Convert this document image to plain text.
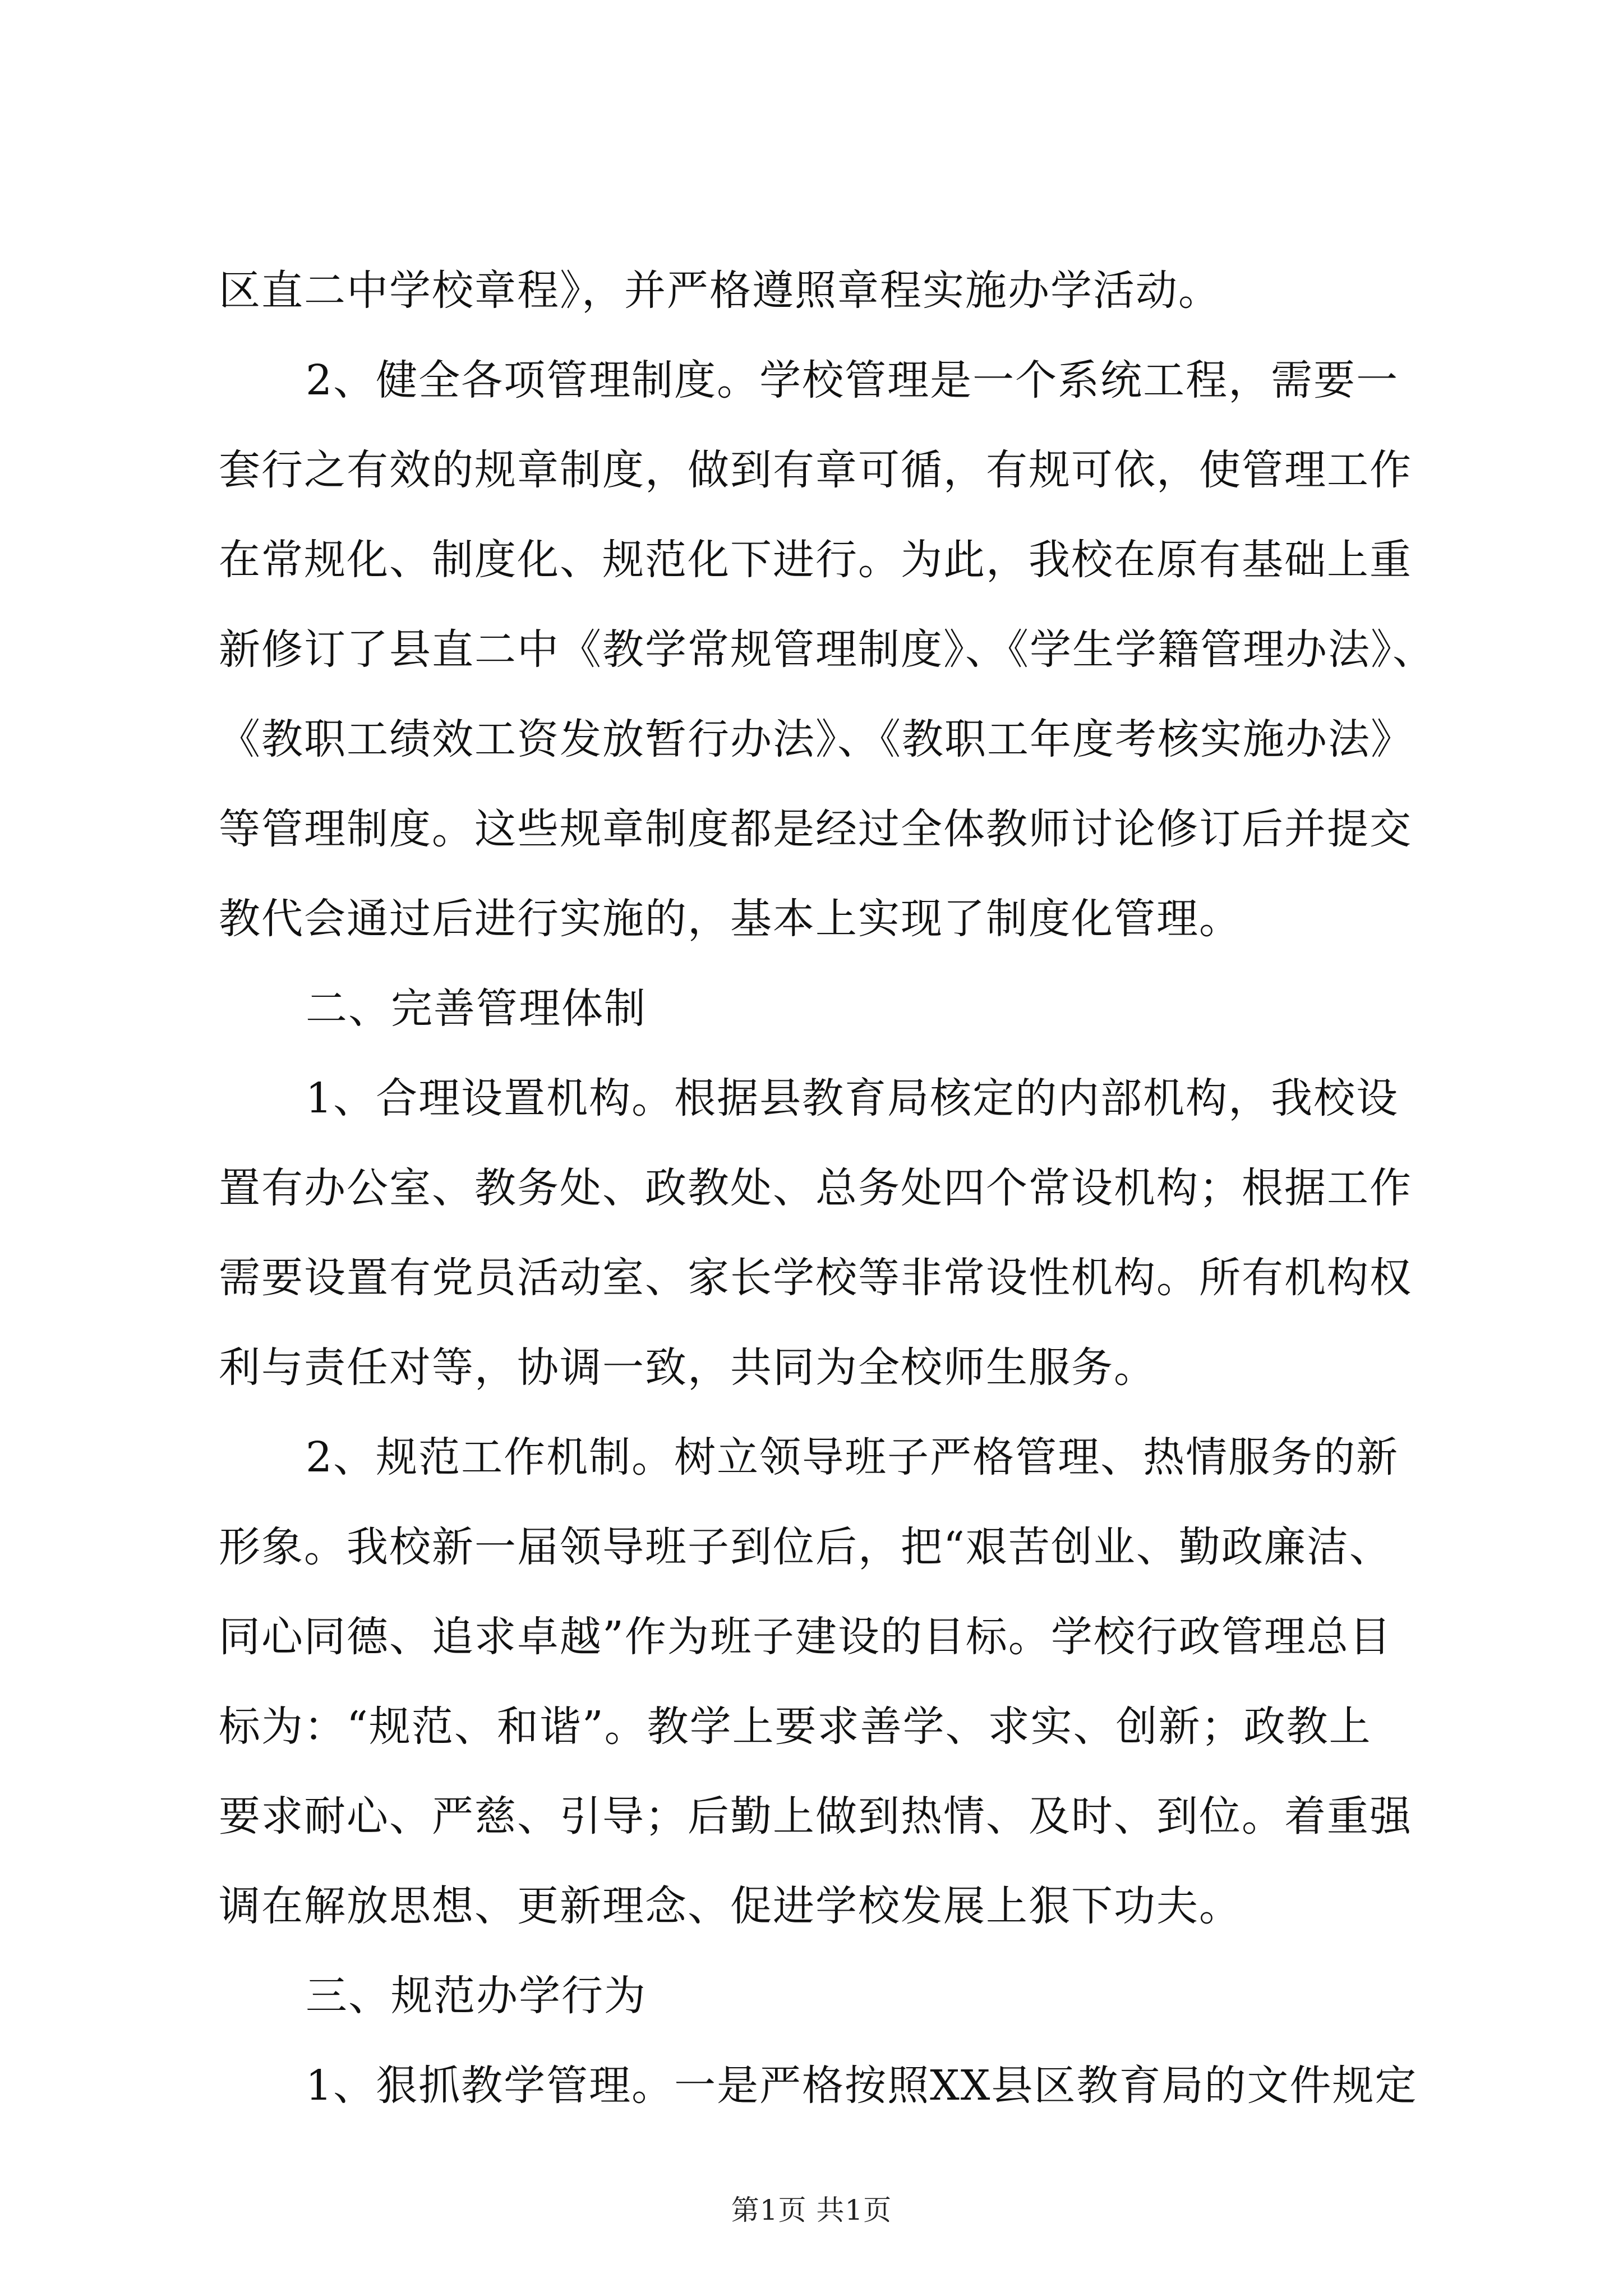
区直二中学校章程》，并严格遵照章程实施办学活动。
2、健全各项管理制度。学校管理是一个系统工程，需要一
套行之有效的规章制度，做到有章可循，有规可依，使管理工作
在常规化、制度化、规范化下进行。为此，我校在原有基础上重
新修订了县直二中《教学常规管理制度》、《学生学籍管理办法》、
《教职工绩效工资发放暂行办法》、《教职工年度考核实施办法》
等管理制度。这些规章制度都是经过全体教师讨论修订后并提交
教代会通过后进行实施的，基本上实现了制度化管理。
二、完善管理体制
1、合理设置机构。根据县教育局核定的内部机构，我校设
置有办公室、教务处、政教处、总务处四个常设机构；根据工作
需要设置有党员活动室、家长学校等非常设性机构。所有机构权
利与责任对等，协调一致，共同为全校师生服务。
2、规范工作机制。树立领导班子严格管理、热情服务的新
形象。我校新一届领导班子到位后，把“艰苦创业、勤政廉洁、
同心同德、追求卓越”作为班子建设的目标。学校行政管理总目
标为：“规范、和谐”。教学上要求善学、求实、创新；政教上
要求耐心、严慈、引导；后勤上做到热情、及时、到位。着重强
调在解放思想、更新理念、促进学校发展上狠下功夫。
三、规范办学行为
1、狠抓教学管理。一是严格按照XX县区教育局的文件规定
第1页 共1页
